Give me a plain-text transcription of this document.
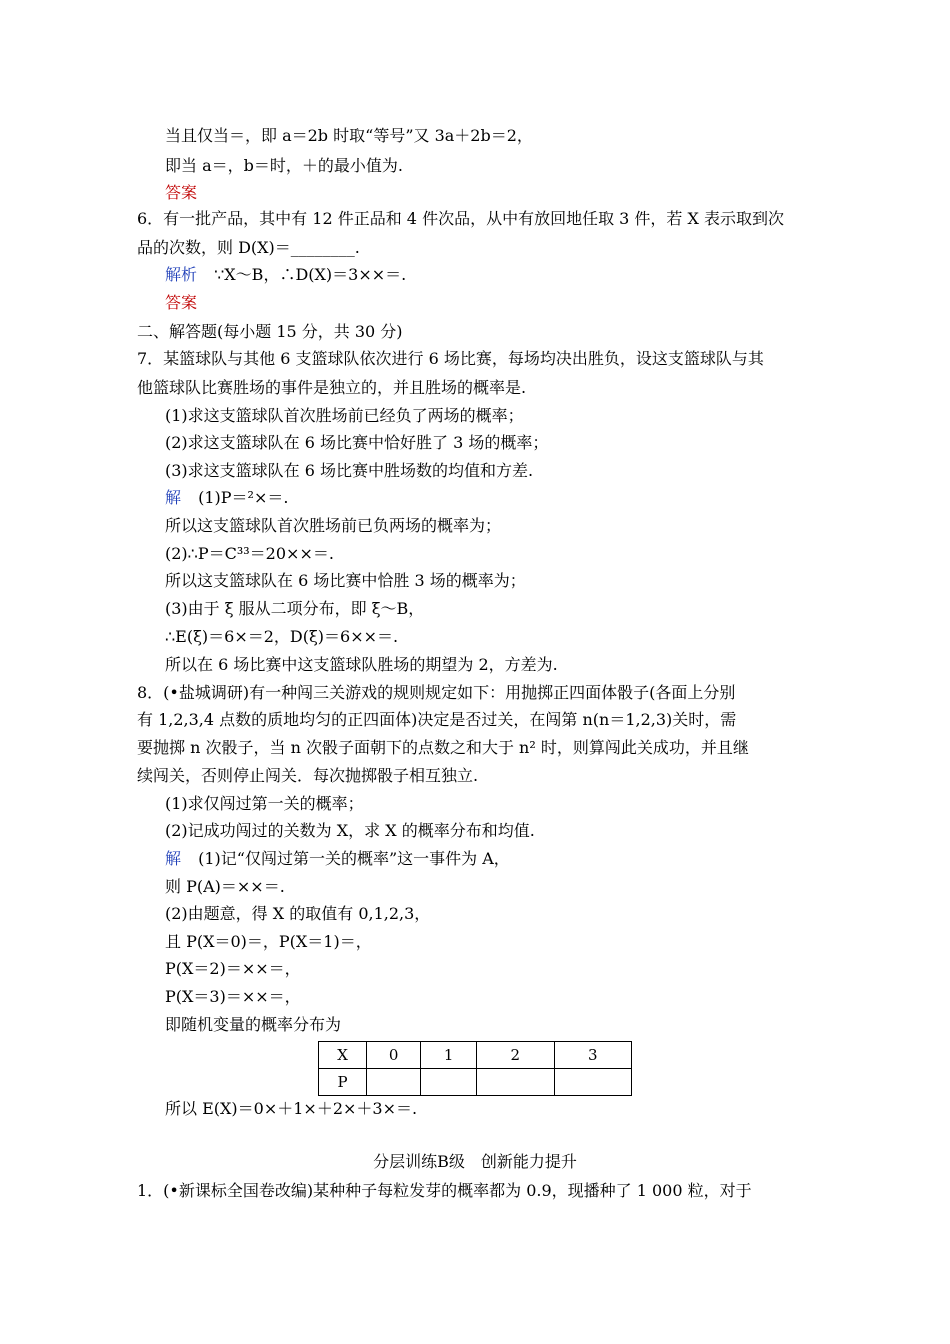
当且仅当＝，即 a＝2b 时取“等号”又 3a＋2b＝2，
即当 a＝，b＝时，＋的最小值为.
答案
6．有一批产品，其中有 12 件正品和 4 件次品，从中有放回地任取 3 件，若 X 表示取到次
品的次数，则 D(X)＝________.
解析 ∵X～B，∴D(X)＝3××＝.
答案
二、解答题(每小题 15 分，共 30 分)
7．某篮球队与其他 6 支篮球队依次进行 6 场比赛，每场均决出胜负，设这支篮球队与其
他篮球队比赛胜场的事件是独立的，并且胜场的概率是.
(1)求这支篮球队首次胜场前已经负了两场的概率；
(2)求这支篮球队在 6 场比赛中恰好胜了 3 场的概率；
(3)求这支篮球队在 6 场比赛中胜场数的均值和方差.
解 (1)P＝²×＝.
所以这支篮球队首次胜场前已负两场的概率为；
(2)∴P＝C³³＝20××＝.
所以这支篮球队在 6 场比赛中恰胜 3 场的概率为；
(3)由于 ξ 服从二项分布，即 ξ～B，
∴E(ξ)＝6×＝2，D(ξ)＝6××＝.
所以在 6 场比赛中这支篮球队胜场的期望为 2，方差为.
8．(•盐城调研)有一种闯三关游戏的规则规定如下：用抛掷正四面体骰子(各面上分别
有 1,2,3,4 点数的质地均匀的正四面体)决定是否过关，在闯第 n(n＝1,2,3)关时，需
要抛掷 n 次骰子，当 n 次骰子面朝下的点数之和大于 n² 时，则算闯此关成功，并且继
续闯关，否则停止闯关．每次抛掷骰子相互独立.
(1)求仅闯过第一关的概率；
(2)记成功闯过的关数为 X，求 X 的概率分布和均值.
解 (1)记“仅闯过第一关的概率”这一事件为 A，
则 P(A)＝××＝.
(2)由题意，得 X 的取值有 0,1,2,3，
且 P(X＝0)＝，P(X＝1)＝，
P(X＝2)＝××＝，
P(X＝3)＝××＝，
即随机变量的概率分布为
X	0	1	2	3
P				
所以 E(X)＝0×＋1×＋2×＋3×＝.
分层训练B级　创新能力提升
1．(•新课标全国卷改编)某种种子每粒发芽的概率都为 0.9，现播种了 1 000 粒，对于
